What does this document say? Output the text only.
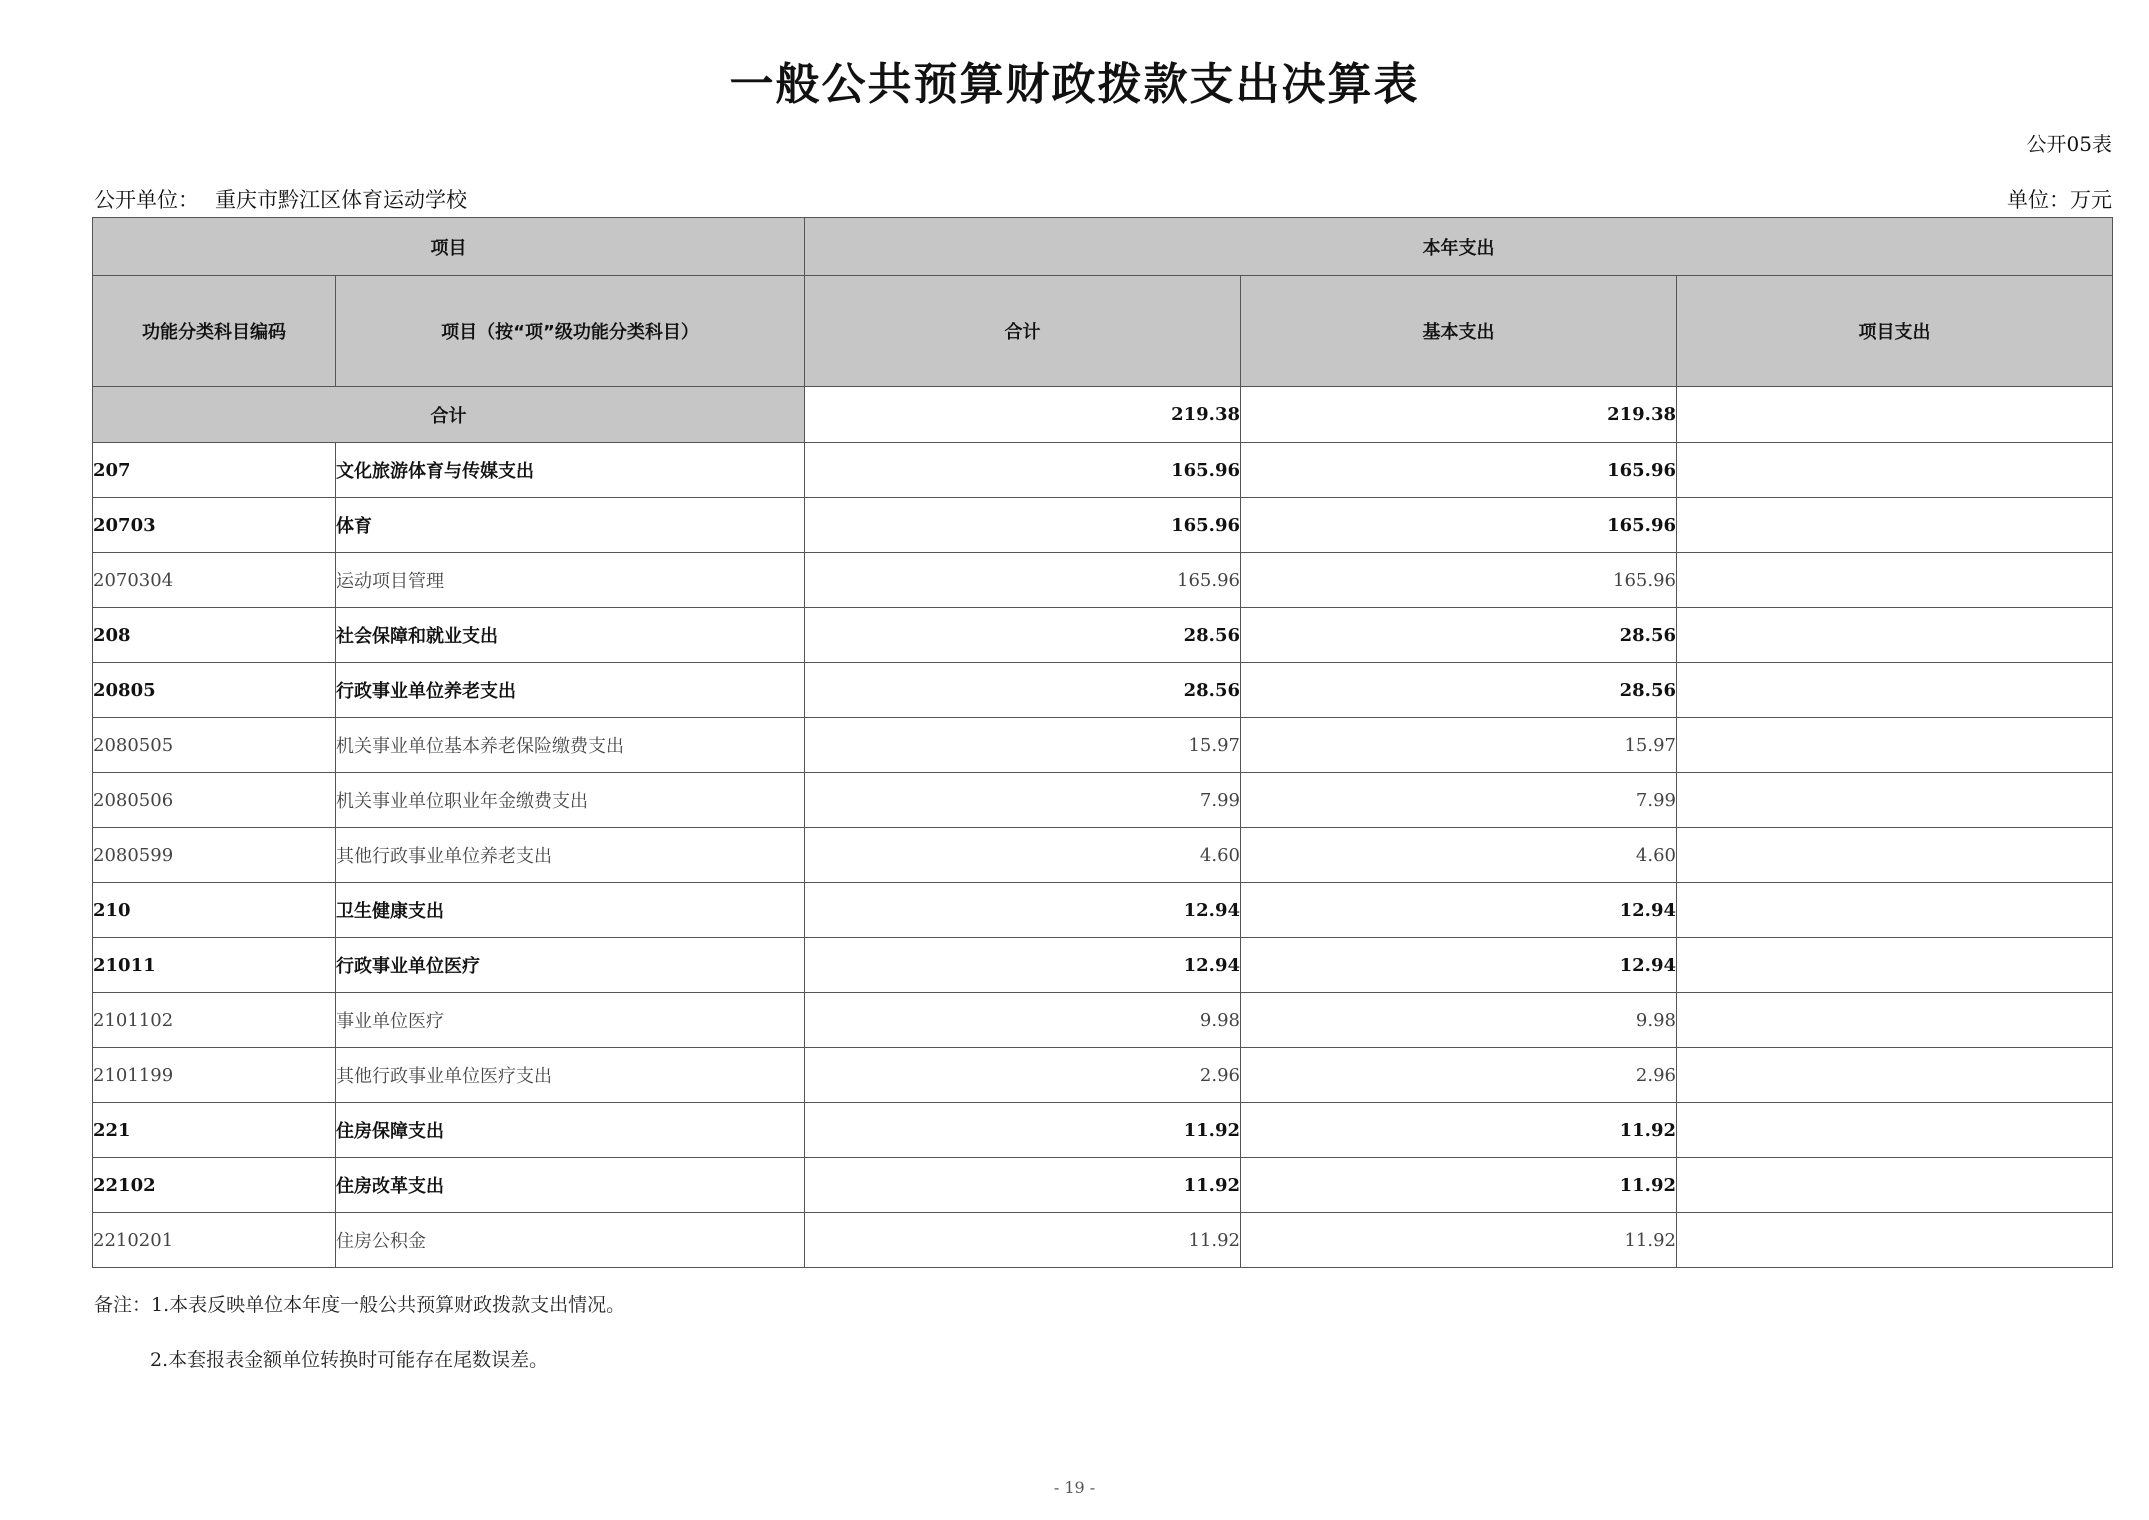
一般公共预算财政拨款支出决算表
公开05表
公开单位： 重庆市黔江区体育运动学校	单位：万元
项目		本年支出		
功能分类科目编码	项目（按“项”级功能分类科目）	合计	基本支出	项目支出
合计		219.38	219.38	
207	文化旅游体育与传媒支出	165.96	165.96	
20703	体育	165.96	165.96	
2070304	运动项目管理	165.96	165.96	
208	社会保障和就业支出	28.56	28.56	
20805	行政事业单位养老支出	28.56	28.56	
2080505	机关事业单位基本养老保险缴费支出	15.97	15.97	
2080506	机关事业单位职业年金缴费支出	7.99	7.99	
2080599	其他行政事业单位养老支出	4.60	4.60	
210	卫生健康支出	12.94	12.94	
21011	行政事业单位医疗	12.94	12.94	
2101102	事业单位医疗	9.98	9.98	
2101199	其他行政事业单位医疗支出	2.96	2.96	
221	住房保障支出	11.92	11.92	
22102	住房改革支出	11.92	11.92	
2210201	住房公积金	11.92	11.92	
备注：1.本表反映单位本年度一般公共预算财政拨款支出情况。
2.本套报表金额单位转换时可能存在尾数误差。
- 19 -
